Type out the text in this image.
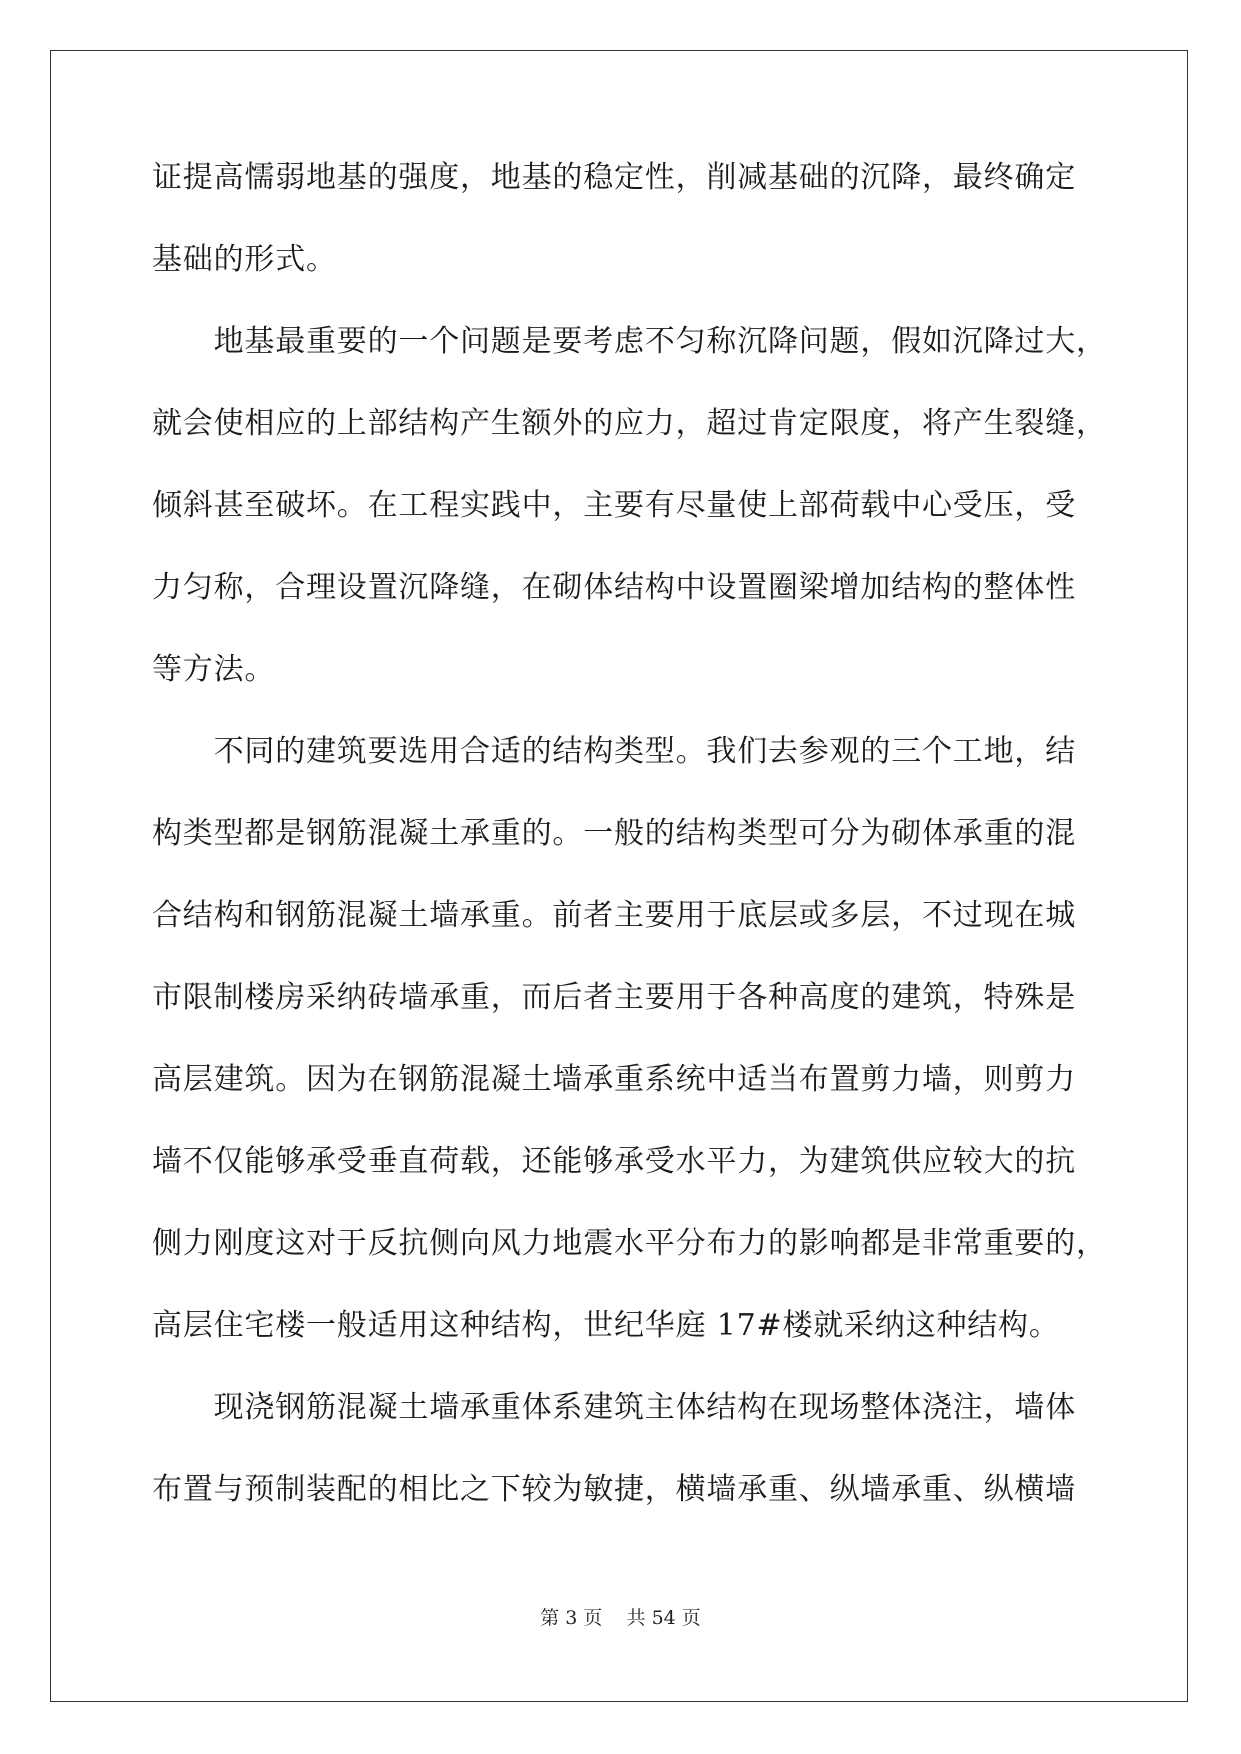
证提高懦弱地基的强度，地基的稳定性，削减基础的沉降，最终确定
基础的形式。
　　地基最重要的一个问题是要考虑不匀称沉降问题，假如沉降过大，
就会使相应的上部结构产生额外的应力，超过肯定限度，将产生裂缝，
倾斜甚至破坏。在工程实践中，主要有尽量使上部荷载中心受压，受
力匀称，合理设置沉降缝，在砌体结构中设置圈梁增加结构的整体性
等方法。
　　不同的建筑要选用合适的结构类型。我们去参观的三个工地，结
构类型都是钢筋混凝土承重的。一般的结构类型可分为砌体承重的混
合结构和钢筋混凝土墙承重。前者主要用于底层或多层，不过现在城
市限制楼房采纳砖墙承重，而后者主要用于各种高度的建筑，特殊是
高层建筑。因为在钢筋混凝土墙承重系统中适当布置剪力墙，则剪力
墙不仅能够承受垂直荷载，还能够承受水平力，为建筑供应较大的抗
侧力刚度这对于反抗侧向风力地震水平分布力的影响都是非常重要的，
高层住宅楼一般适用这种结构，世纪华庭 17#楼就采纳这种结构。
　　现浇钢筋混凝土墙承重体系建筑主体结构在现场整体浇注，墙体
布置与预制装配的相比之下较为敏捷，横墙承重、纵墙承重、纵横墙
第 3 页    共 54 页
